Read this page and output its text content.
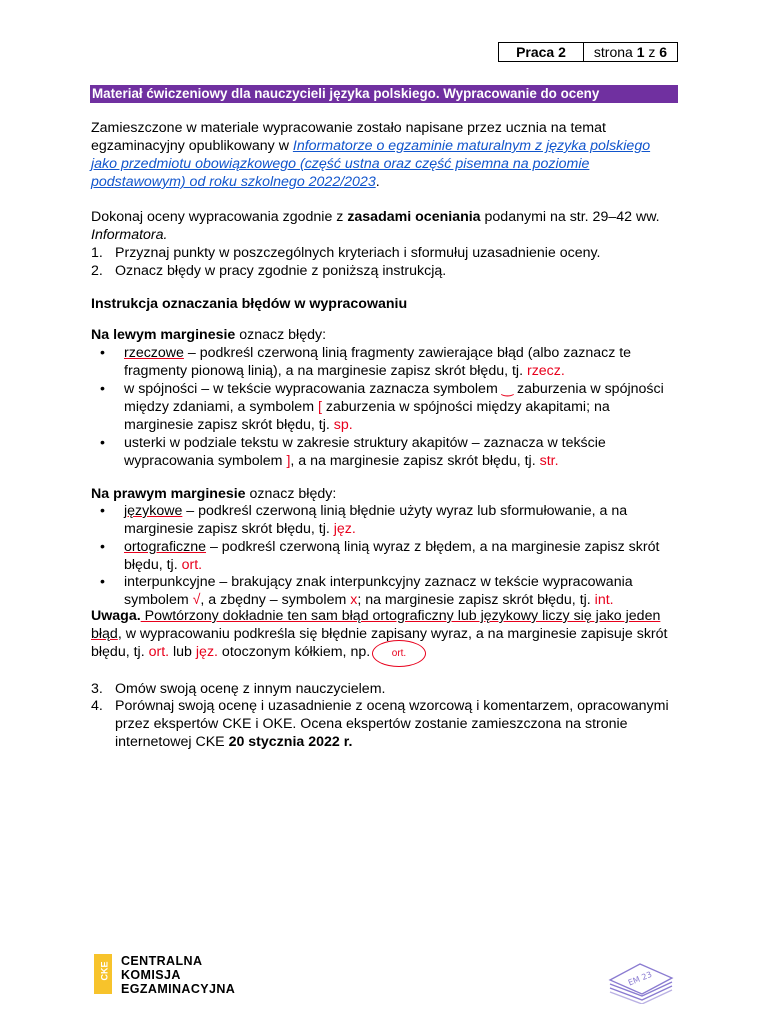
Praca 2	strona 1 z 6
Materiał ćwiczeniowy dla nauczycieli języka polskiego. Wypracowanie do oceny
Zamieszczone w materiale wypracowanie zostało napisane przez ucznia na temat
egzaminacyjny opublikowany w Informatorze o egzaminie maturalnym z języka polskiego
jako przedmiotu obowiązkowego (część ustna oraz część pisemna na poziomie
podstawowym) od roku szkolnego 2022/2023.
Dokonaj oceny wypracowania zgodnie z zasadami oceniania podanymi na str. 29–42 ww.
Informatora.
1. Przyznaj punkty w poszczególnych kryteriach i sformułuj uzasadnienie oceny.
2. Oznacz błędy w pracy zgodnie z poniższą instrukcją.
Instrukcja oznaczania błędów w wypracowaniu
Na lewym marginesie oznacz błędy:
• rzeczowe – podkreśl czerwoną linią fragmenty zawierające błąd (albo zaznacz te
fragmenty pionową linią), a na marginesie zapisz skrót błędu, tj. rzecz.
• w spójności – w tekście wypracowania zaznacza symbolem ‿ zaburzenia w spójności
między zdaniami, a symbolem [ zaburzenia w spójności między akapitami; na
marginesie zapisz skrót błędu, tj. sp.
• usterki w podziale tekstu w zakresie struktury akapitów – zaznacza w tekście
wypracowania symbolem ], a na marginesie zapisz skrót błędu, tj. str.
Na prawym marginesie oznacz błędy:
• językowe – podkreśl czerwoną linią błędnie użyty wyraz lub sformułowanie, a na
marginesie zapisz skrót błędu, tj. jęz.
• ortograficzne – podkreśl czerwoną linią wyraz z błędem, a na marginesie zapisz skrót
błędu, tj. ort.
• interpunkcyjne – brakujący znak interpunkcyjny zaznacz w tekście wypracowania
symbolem √, a zbędny – symbolem x; na marginesie zapisz skrót błędu, tj. int.
Uwaga. Powtórzony dokładnie ten sam błąd ortograficzny lub językowy liczy się jako jeden
błąd, w wypracowaniu podkreśla się błędnie zapisany wyraz, a na marginesie zapisuje skrót
błędu, tj. ort. lub jęz. otoczonym kółkiem, np.	ort.
3. Omów swoją ocenę z innym nauczycielem.
4. Porównaj swoją ocenę i uzasadnienie z oceną wzorcową i komentarzem, opracowanymi
przez ekspertów CKE i OKE. Ocena ekspertów zostanie zamieszczona na stronie
internetowej CKE 20 stycznia 2022 r.
CKE
CENTRALNA
KOMISJA
EGZAMINACYJNA
EM 23
